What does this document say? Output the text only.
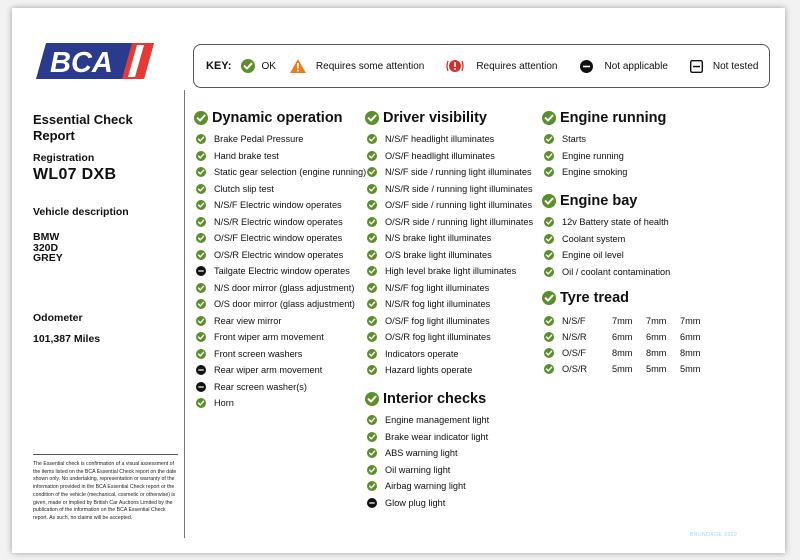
BCA	KEY:	OK	Requires some attention	Requires attention	Not applicable	Not tested
Essential Check Report
Registration
WL07 DXB
Vehicle description
BMW
320D
GREY
Odometer
101,387 Miles
The Essential check is confirmation of a visual assessment of the items listed on the BCA Essential Check report on the date shown only. No undertaking, representation or warranty of the information provided in the BCA Essential Check report or the condition of the vehicle (mechanical, cosmetic or otherwise) is given, made or implied by British Car Auctions Limited by the publication of the information on the BCA Essential Check report. As such, no claims will be accepted.
Dynamic operation
Brake Pedal Pressure
Hand brake test
Static gear selection (engine running)
Clutch slip test
N/S/F Electric window operates
N/S/R Electric window operates
O/S/F Electric window operates
O/S/R Electric window operates
Tailgate Electric window operates
N/S door mirror (glass adjustment)
O/S door mirror (glass adjustment)
Rear view mirror
Front wiper arm movement
Front screen washers
Rear wiper arm movement
Rear screen washer(s)
Horn
Driver visibility
N/S/F headlight illuminates
O/S/F headlight illuminates
N/S/F side / running light illuminates
N/S/R side / running light illuminates
O/S/F side / running light illuminates
O/S/R side / running light illuminates
N/S brake light illuminates
O/S brake light illuminates
High level brake light illuminates
N/S/F fog light illuminates
N/S/R fog light illuminates
O/S/F fog light illuminates
O/S/R fog light illuminates
Indicators operate
Hazard lights operate
Interior checks
Engine management light
Brake wear indicator light
ABS warning light
Oil warning light
Airbag warning light
Glow plug light
Engine running
Starts
Engine running
Engine smoking
Engine bay
12v Battery state of health
Coolant system
Engine oil level
Oil / coolant contamination
Tyre tread
N/S/F	7mm	7mm	7mm
N/S/R	6mm	6mm	6mm
O/S/F	8mm	8mm	8mm
O/S/R	5mm	5mm	5mm
BRUNDAGE 2022
